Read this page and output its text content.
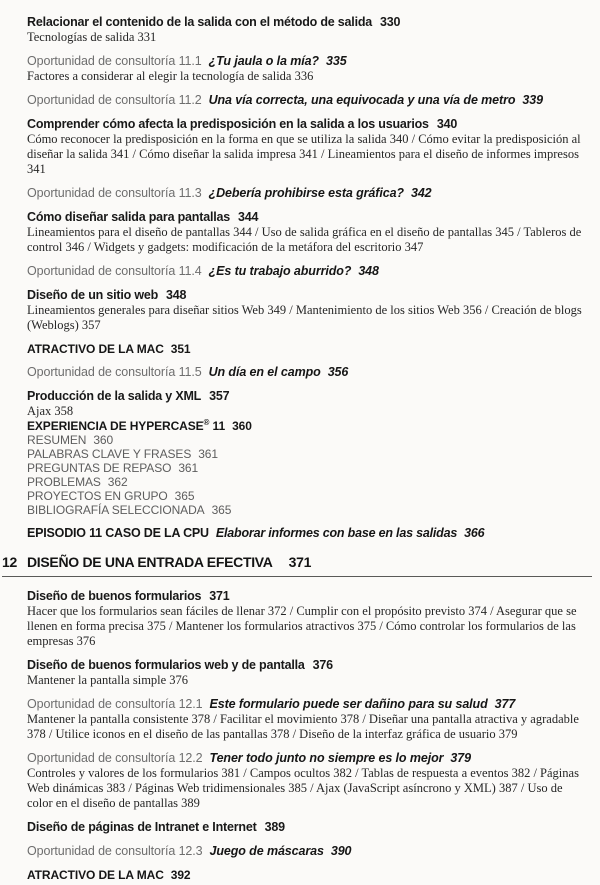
Relacionar el contenido de la salida con el método de salida 330
Tecnologías de salida 331
Oportunidad de consultoría 11.1 ¿Tu jaula o la mía? 335
Factores a considerar al elegir la tecnología de salida 336
Oportunidad de consultoría 11.2 Una vía correcta, una equivocada y una vía de metro 339
Comprender cómo afecta la predisposición en la salida a los usuarios 340
Cómo reconocer la predisposición en la forma en que se utiliza la salida 340 / Cómo evitar la predisposición al diseñar la salida 341 / Cómo diseñar la salida impresa 341 / Lineamientos para el diseño de informes impresos 341
Oportunidad de consultoría 11.3 ¿Debería prohibirse esta gráfica? 342
Cómo diseñar salida para pantallas 344
Lineamientos para el diseño de pantallas 344 / Uso de salida gráfica en el diseño de pantallas 345 / Tableros de control 346 / Widgets y gadgets: modificación de la metáfora del escritorio 347
Oportunidad de consultoría 11.4 ¿Es tu trabajo aburrido? 348
Diseño de un sitio web 348
Lineamientos generales para diseñar sitios Web 349 / Mantenimiento de los sitios Web 356 / Creación de blogs (Weblogs) 357
ATRACTIVO DE LA MAC 351
Oportunidad de consultoría 11.5 Un día en el campo 356
Producción de la salida y XML 357
Ajax 358
EXPERIENCIA DE HYPERCASE® 11 360
RESUMEN 360
PALABRAS CLAVE Y FRASES 361
PREGUNTAS DE REPASO 361
PROBLEMAS 362
PROYECTOS EN GRUPO 365
BIBLIOGRAFÍA SELECCIONADA 365
EPISODIO 11 CASO DE LA CPU Elaborar informes con base en las salidas 366
12 DISEÑO DE UNA ENTRADA EFECTIVA 371
Diseño de buenos formularios 371
Hacer que los formularios sean fáciles de llenar 372 / Cumplir con el propósito previsto 374 / Asegurar que se llenen en forma precisa 375 / Mantener los formularios atractivos 375 / Cómo controlar los formularios de las empresas 376
Diseño de buenos formularios web y de pantalla 376
Mantener la pantalla simple 376
Oportunidad de consultoría 12.1 Este formulario puede ser dañino para su salud 377
Mantener la pantalla consistente 378 / Facilitar el movimiento 378 / Diseñar una pantalla atractiva y agradable 378 / Utilice iconos en el diseño de las pantallas 378 / Diseño de la interfaz gráfica de usuario 379
Oportunidad de consultoría 12.2 Tener todo junto no siempre es lo mejor 379
Controles y valores de los formularios 381 / Campos ocultos 382 / Tablas de respuesta a eventos 382 / Páginas Web dinámicas 383 / Páginas Web tridimensionales 385 / Ajax (JavaScript asíncrono y XML) 387 / Uso de color en el diseño de pantallas 389
Diseño de páginas de Intranet e Internet 389
Oportunidad de consultoría 12.3 Juego de máscaras 390
ATRACTIVO DE LA MAC 392
